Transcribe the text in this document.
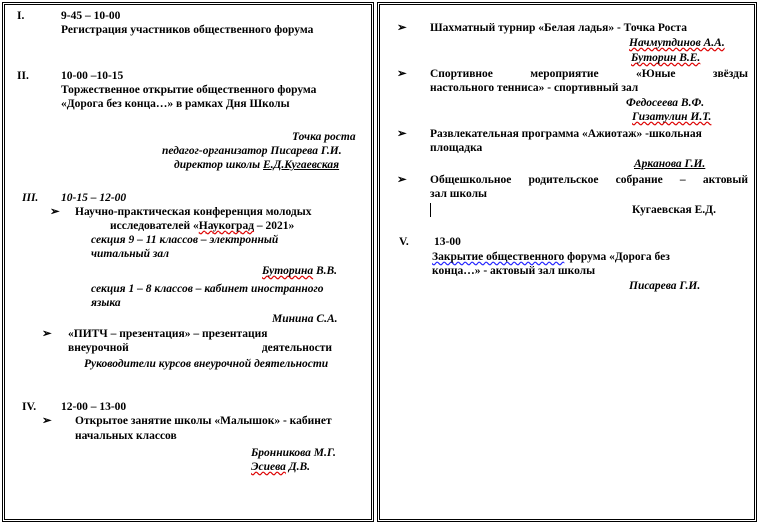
I.	9-45 – 10-00
Регистрация участников общественного форума
II.	10-00 –10-15
Торжественное открытие общественного форума
«Дорога без конца…» в рамках Дня Школы
Точка роста
педагог-организатор Писарева Г.И.
директор школы Е.Д.Кугаевская
III. 10-15 – 12-00
➢ Научно-практическая конференция молодых
исследователей «Наукоград – 2021»
секция 9 – 11 классов – электронный
читальный зал
Буторина В.В.
секция 1 – 8 классов – кабинет иностранного
языка
Минина С.А.
➢ «ПИТЧ – презентация» – презентация
внеурочной	деятельности
Руководители курсов внеурочной деятельности
IV. 12-00 – 13-00
➢ Открытое занятие школы «Малышок» - кабинет
начальных классов
Бронникова М.Г.
Эсиева Д.В.
➢ Шахматный турнир «Белая ладья» - Точка Роста
Начмутдинов А.А.
Буторин В.Е.
➢ Спортивное	мероприятие	«Юные	звёзды
настольного тенниса» - спортивный зал
Федосеева В.Ф.
Гизатулин И.Т.
➢ Развлекательная программа «Ажиотаж» -школьная
площадка
Арканова Г.И.
➢ Общешкольное родительское собрание – актовый
зал школы
Кугаевская Е.Д.
V. 13-00
Закрытие общественного форума «Дорога без
конца…» - актовый зал школы
Писарева Г.И.
